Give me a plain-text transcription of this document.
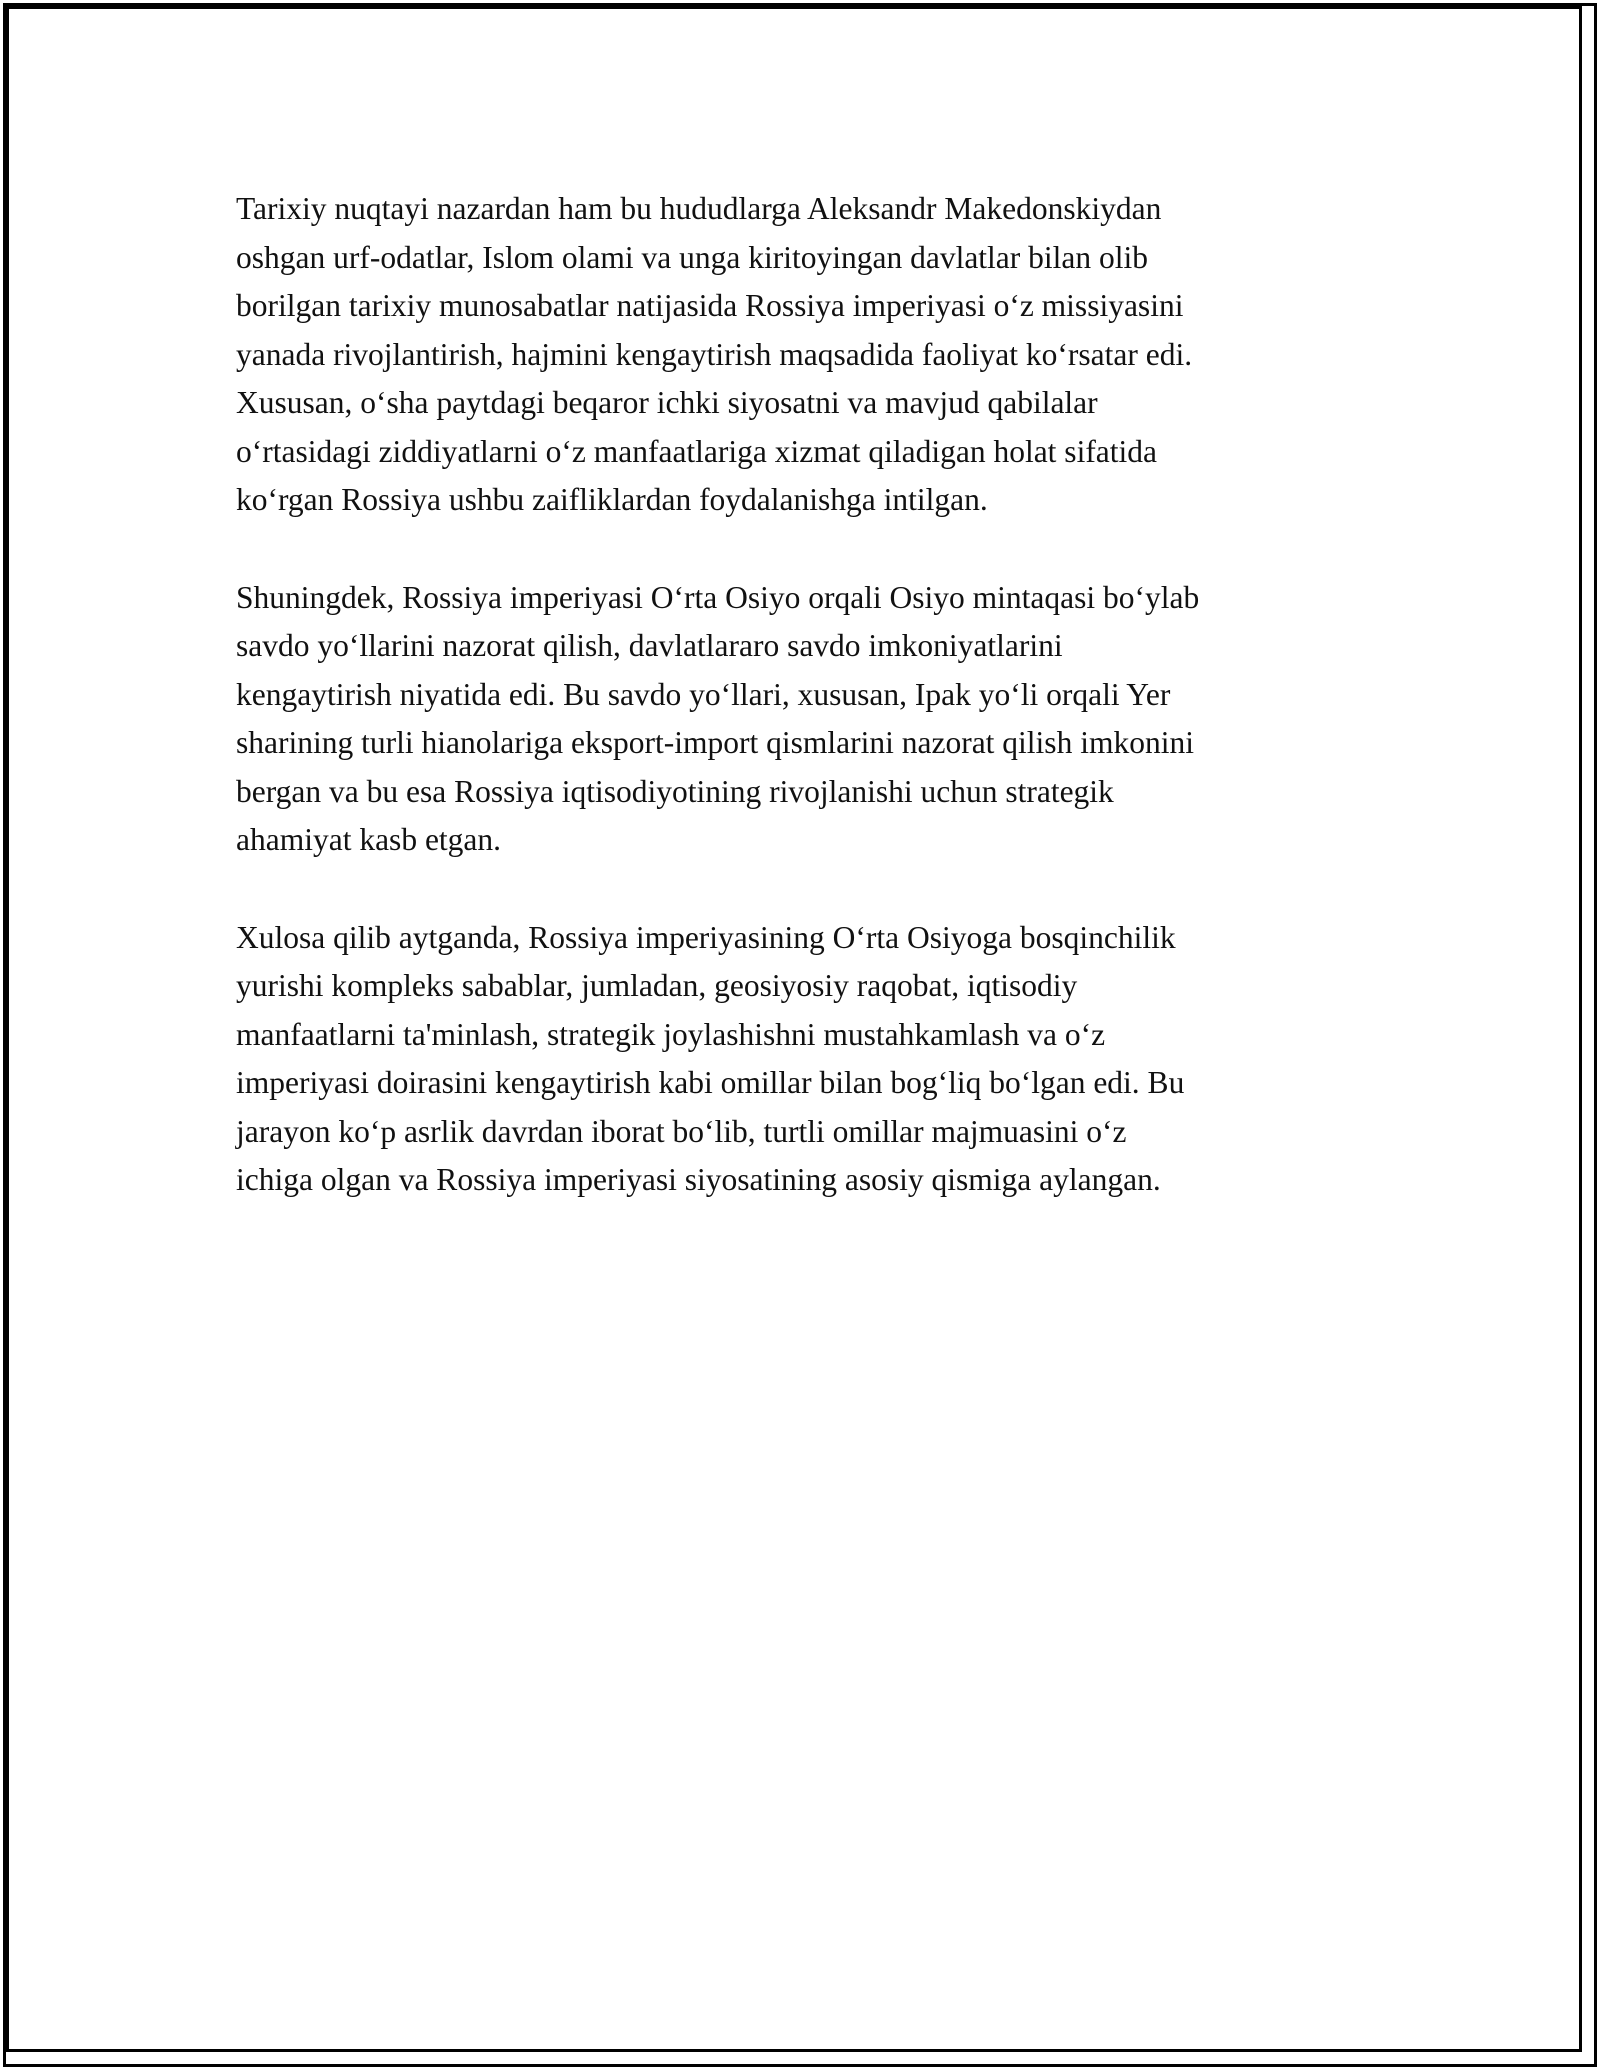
Tarixiy nuqtayi nazardan ham bu hududlarga Aleksandr Makedonskiydan
oshgan urf-odatlar, Islom olami va unga kiritoyingan davlatlar bilan olib
borilgan tarixiy munosabatlar natijasida Rossiya imperiyasi oʻz missiyasini
yanada rivojlantirish, hajmini kengaytirish maqsadida faoliyat koʻrsatar edi.
Xususan, oʻsha paytdagi beqaror ichki siyosatni va mavjud qabilalar
oʻrtasidagi ziddiyatlarni oʻz manfaatlariga xizmat qiladigan holat sifatida
koʻrgan Rossiya ushbu zaifliklardan foydalanishga intilgan.

Shuningdek, Rossiya imperiyasi Oʻrta Osiyo orqali Osiyo mintaqasi boʻylab
savdo yoʻllarini nazorat qilish, davlatlararo savdo imkoniyatlarini
kengaytirish niyatida edi. Bu savdo yoʻllari, xususan, Ipak yoʻli orqali Yer
sharining turli hianolariga eksport-import qismlarini nazorat qilish imkonini
bergan va bu esa Rossiya iqtisodiyotining rivojlanishi uchun strategik
ahamiyat kasb etgan.

Xulosa qilib aytganda, Rossiya imperiyasining Oʻrta Osiyoga bosqinchilik
yurishi kompleks sabablar, jumladan, geosiyosiy raqobat, iqtisodiy
manfaatlarni ta'minlash, strategik joylashishni mustahkamlash va oʻz
imperiyasi doirasini kengaytirish kabi omillar bilan bogʻliq boʻlgan edi. Bu
jarayon koʻp asrlik davrdan iborat boʻlib, turtli omillar majmuasini oʻz
ichiga olgan va Rossiya imperiyasi siyosatining asosiy qismiga aylangan.
